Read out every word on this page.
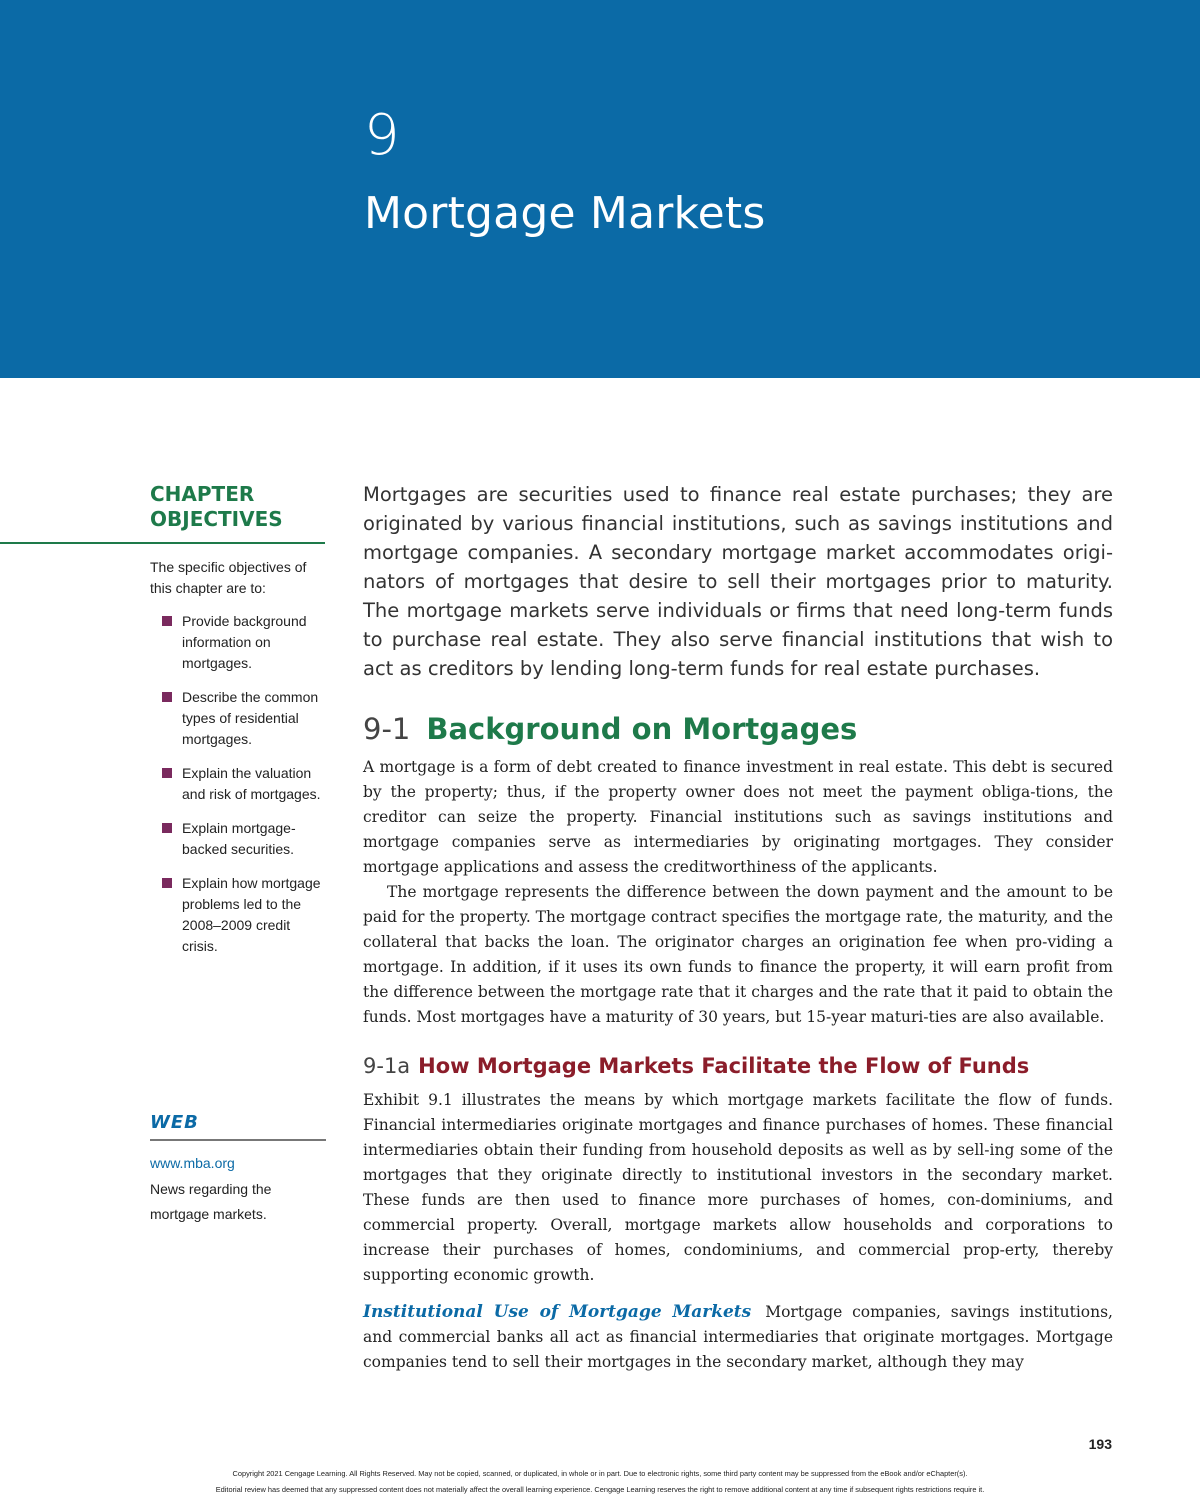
9
Mortgage Markets
CHAPTER OBJECTIVES
The specific objectives of this chapter are to:
Provide background information on mortgages.
Describe the common types of residential mortgages.
Explain the valuation and risk of mortgages.
Explain mortgage-backed securities.
Explain how mortgage problems led to the 2008–2009 credit crisis.
WEB
www.mba.org
News regarding the mortgage markets.

Mortgages are securities used to finance real estate purchases; they are originated by various financial institutions, such as savings institutions and mortgage companies. A secondary mortgage market accommodates origi-nators of mortgages that desire to sell their mortgages prior to maturity. The mortgage markets serve individuals or firms that need long-term funds to purchase real estate. They also serve financial institutions that wish to act as creditors by lending long-term funds for real estate purchases.

9-1 Background on Mortgages

A mortgage is a form of debt created to finance investment in real estate. This debt is secured by the property; thus, if the property owner does not meet the payment obliga-tions, the creditor can seize the property. Financial institutions such as savings institutions and mortgage companies serve as intermediaries by originating mortgages. They consider mortgage applications and assess the creditworthiness of the applicants.

The mortgage represents the difference between the down payment and the amount to be paid for the property. The mortgage contract specifies the mortgage rate, the maturity, and the collateral that backs the loan. The originator charges an origination fee when pro-viding a mortgage. In addition, if it uses its own funds to finance the property, it will earn profit from the difference between the mortgage rate that it charges and the rate that it paid to obtain the funds. Most mortgages have a maturity of 30 years, but 15-year maturi-ties are also available.

9-1a How Mortgage Markets Facilitate the Flow of Funds

Exhibit 9.1 illustrates the means by which mortgage markets facilitate the flow of funds. Financial intermediaries originate mortgages and finance purchases of homes. These financial intermediaries obtain their funding from household deposits as well as by sell-ing some of the mortgages that they originate directly to institutional investors in the secondary market. These funds are then used to finance more purchases of homes, con-dominiums, and commercial property. Overall, mortgage markets allow households and corporations to increase their purchases of homes, condominiums, and commercial prop-erty, thereby supporting economic growth.

Institutional Use of Mortgage Markets Mortgage companies, savings institutions, and commercial banks all act as financial intermediaries that originate mortgages. Mortgage companies tend to sell their mortgages in the secondary market, although they may

193
Copyright 2021 Cengage Learning. All Rights Reserved. May not be copied, scanned, or duplicated, in whole or in part. Due to electronic rights, some third party content may be suppressed from the eBook and/or eChapter(s).
Editorial review has deemed that any suppressed content does not materially affect the overall learning experience. Cengage Learning reserves the right to remove additional content at any time if subsequent rights restrictions require it.
